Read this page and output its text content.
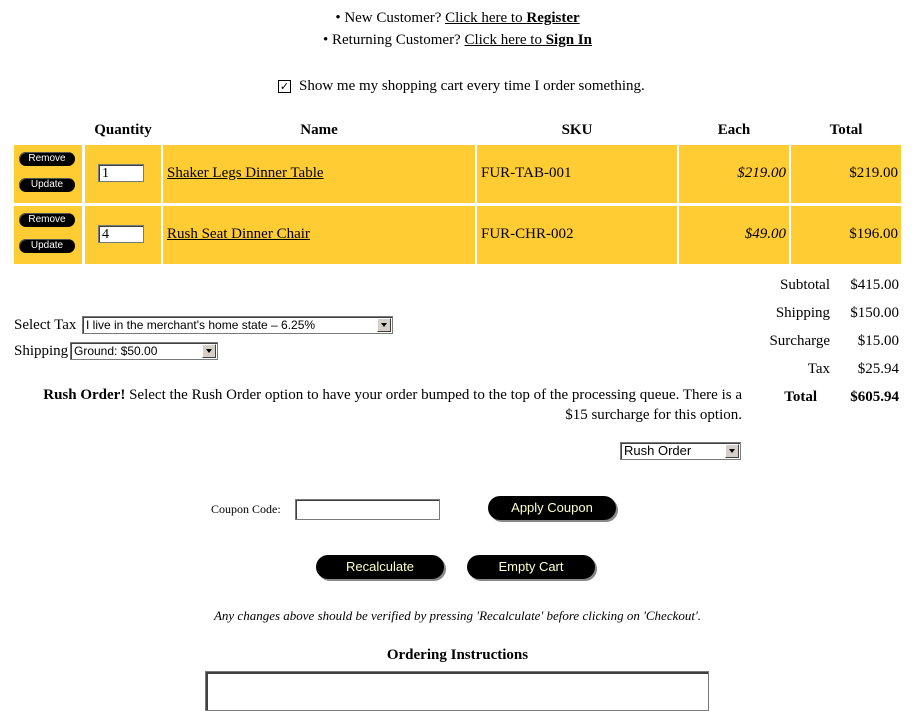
• New Customer? Click here to Register
• Returning Customer? Click here to Sign In
✓ Show me my shopping cart every time I order something.
Quantity	Name	SKU	Each	Total
Remove
Update
1	Shaker Legs Dinner Table	FUR-TAB-001	$219.00	$219.00
Remove
Update
4	Rush Seat Dinner Chair	FUR-CHR-002	$49.00	$196.00
Subtotal $415.00
Shipping $150.00
Surcharge $15.00
Tax $25.94
Total $605.94
Select Tax I live in the merchant's home state – 6.25%
Shipping Ground: $50.00
Rush Order! Select the Rush Order option to have your order bumped to the top of the processing queue. There is a
$15 surcharge for this option.
Rush Order
Coupon Code:	Apply Coupon
Recalculate	Empty Cart
Any changes above should be verified by pressing 'Recalculate' before clicking on 'Checkout'.
Ordering Instructions
